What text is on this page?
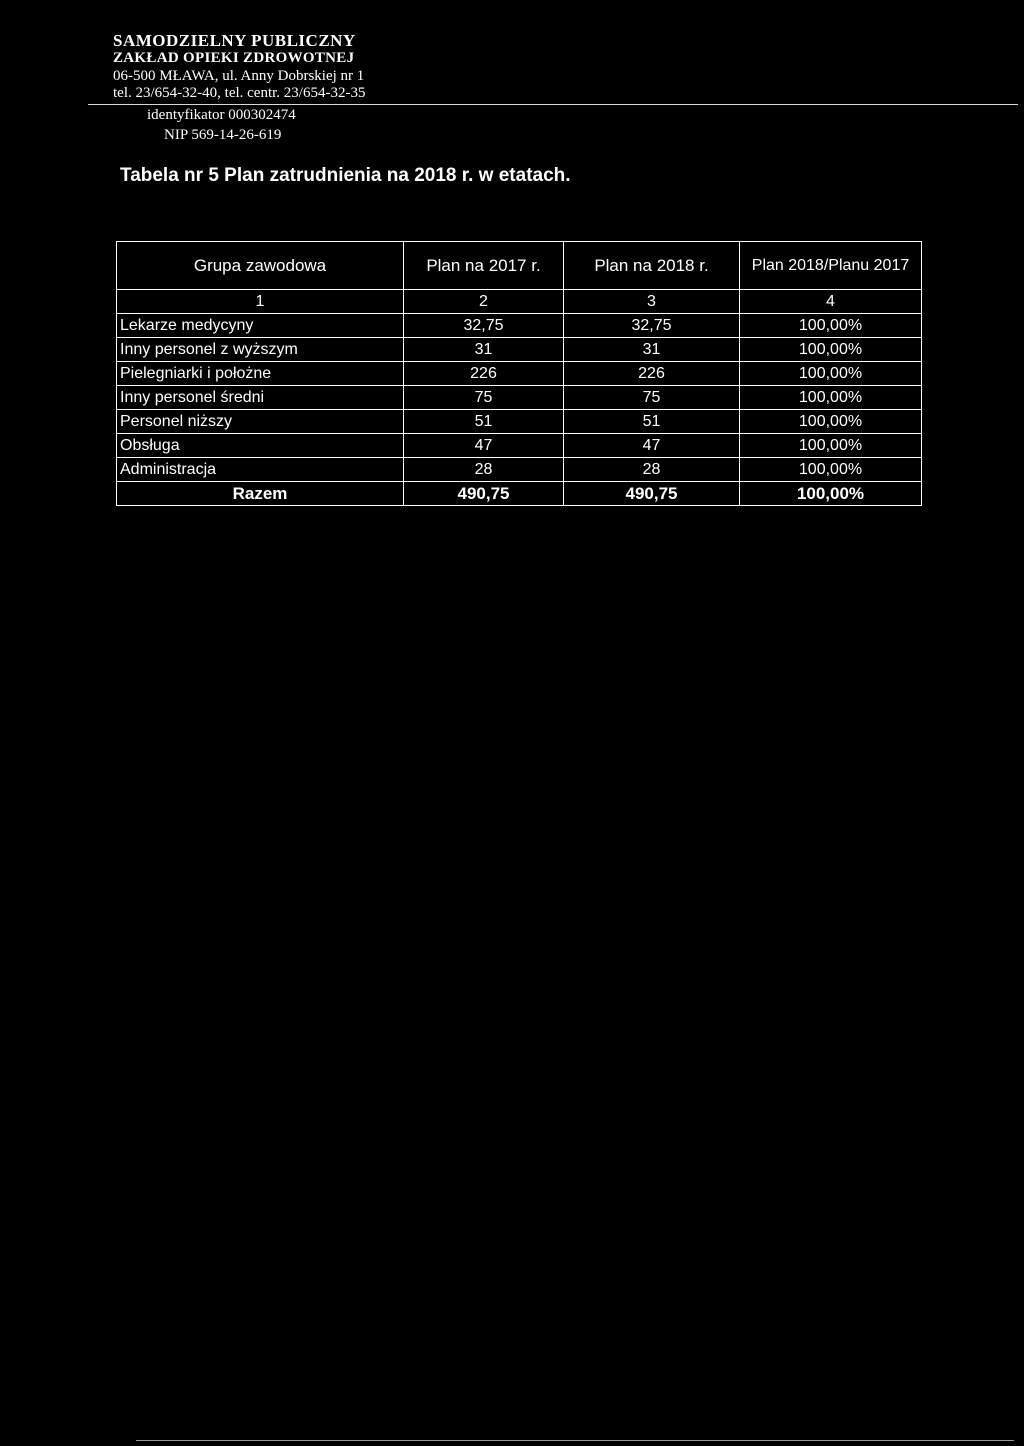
SAMODZIELNY PUBLICZNY
ZAKŁAD OPIEKI ZDROWOTNEJ
06-500 MŁAWA, ul. Anny Dobrskiej nr 1
tel. 23/654-32-40, tel. centr. 23/654-32-35
identyfikator 000302474
NIP 569-14-26-619
Tabela nr 5 Plan zatrudnienia na 2018 r. w etatach.
Grupa zawodowa	Plan na 2017 r.	Plan na 2018 r.	Plan 2018/Planu 2017
1	2	3	4
Lekarze medycyny	32,75	32,75	100,00%
Inny personel z wyższym	31	31	100,00%
Pielegniarki i położne	226	226	100,00%
Inny personel średni	75	75	100,00%
Personel niższy	51	51	100,00%
Obsługa	47	47	100,00%
Administracja	28	28	100,00%
Razem	490,75	490,75	100,00%
